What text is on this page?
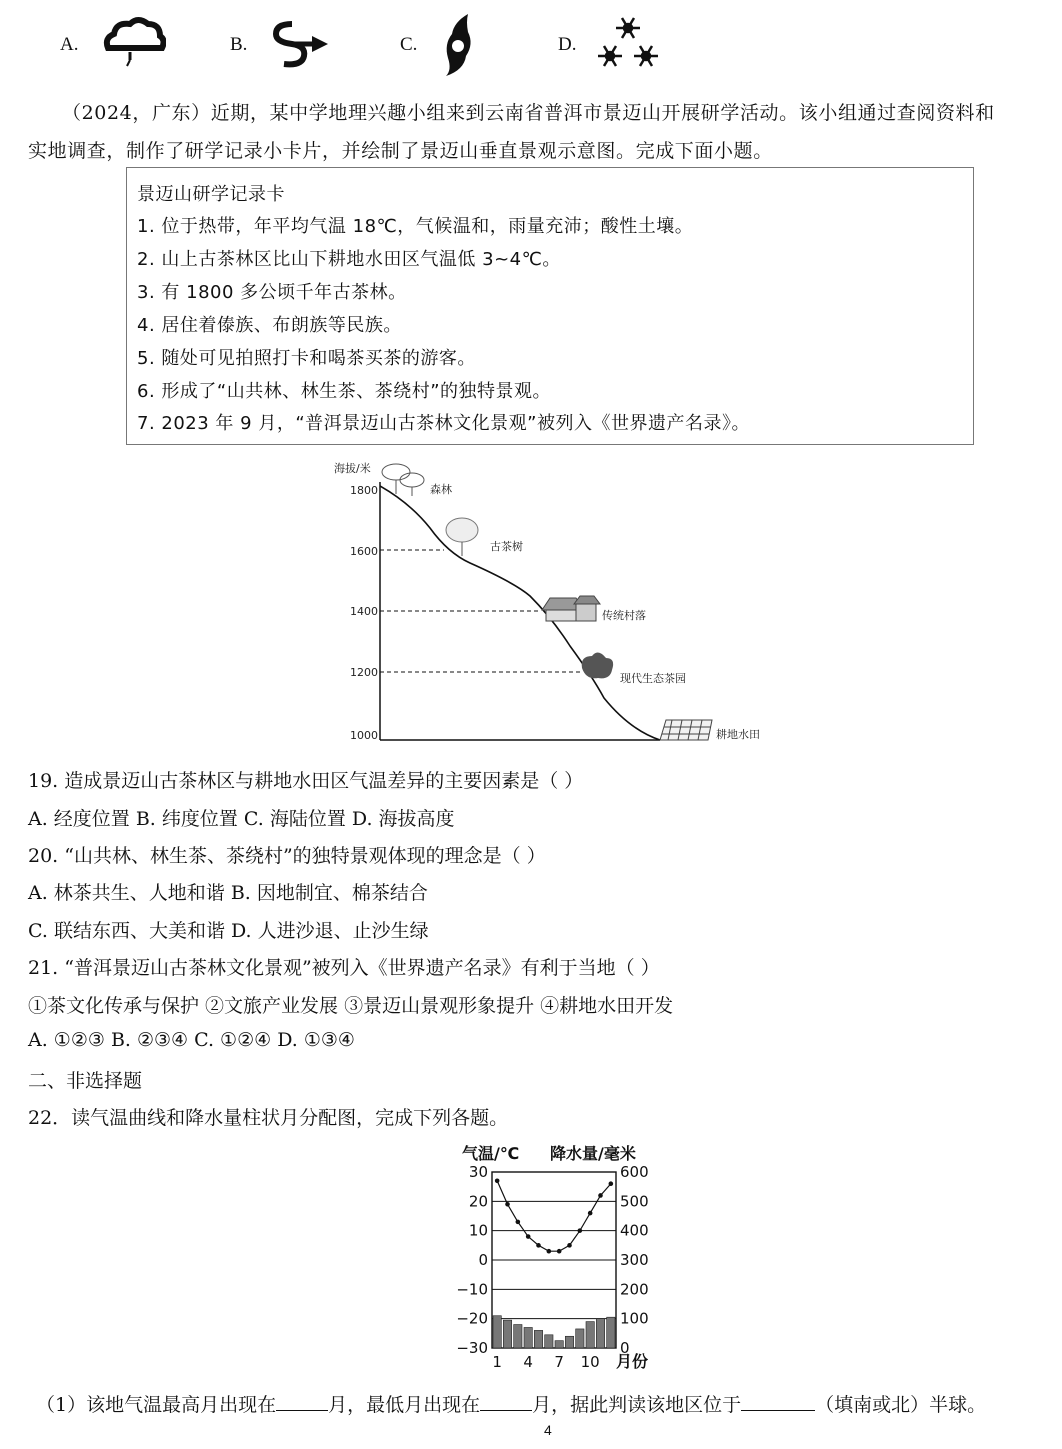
A.	B.	C.	D.
（2024，广东）近期，某中学地理兴趣小组来到云南省普洱市景迈山开展研学活动。该小组通过查阅资料和
实地调查，制作了研学记录小卡片，并绘制了景迈山垂直景观示意图。完成下面小题。
景迈山研学记录卡
1. 位于热带，年平均气温 18℃，气候温和，雨量充沛；酸性土壤。
2. 山上古茶林区比山下耕地水田区气温低 3~4℃。
3. 有 1800 多公顷千年古茶林。
4. 居住着傣族、布朗族等民族。
5. 随处可见拍照打卡和喝茶买茶的游客。
6. 形成了“山共林、林生茶、茶绕村”的独特景观。
7. 2023 年 9 月，“普洱景迈山古茶林文化景观”被列入《世界遗产名录》。
海拔/米
1800
1600
1400
1200
1000
森林
古茶树
传统村落
现代生态茶园
耕地水田
19. 造成景迈山古茶林区与耕地水田区气温差异的主要因素是（ ）
A. 经度位置 B. 纬度位置 C. 海陆位置 D. 海拔高度
20. “山共林、林生茶、茶绕村”的独特景观体现的理念是（ ）
A. 林茶共生、人地和谐 B. 因地制宜、棉茶结合
C. 联结东西、大美和谐 D. 人进沙退、止沙生绿
21. “普洱景迈山古茶林文化景观”被列入《世界遗产名录》有利于当地（ ）
①茶文化传承与保护 ②文旅产业发展 ③景迈山景观形象提升 ④耕地水田开发
A. ①②③ B. ②③④ C. ①②④ D. ①③④
二、非选择题
22．读气温曲线和降水量柱状月分配图，完成下列各题。
气温/℃ 降水量/毫米
30	600
20	500
10	400
0	300
−10	200
−20	100
−30	0
1 4 7 10 月份
（1）该地气温最高月出现在	月，最低月出现在	月，据此判读该地区位于	（填南或北）半球。
4
